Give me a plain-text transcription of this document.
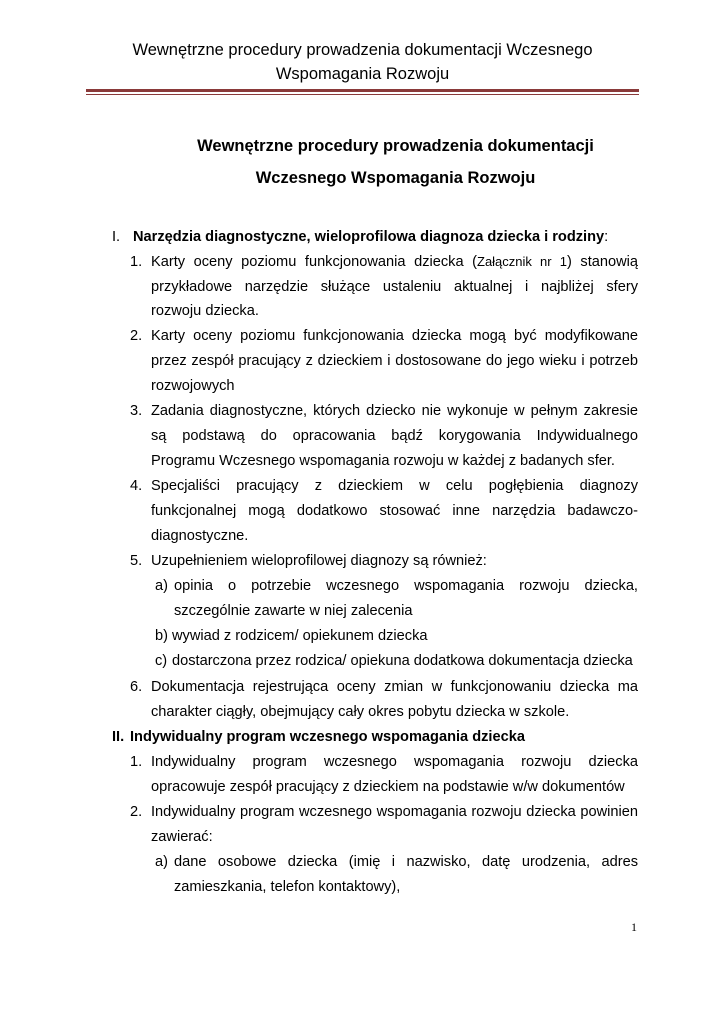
Wewnętrzne procedury prowadzenia dokumentacji Wczesnego
Wspomagania Rozwoju
Wewnętrzne procedury prowadzenia dokumentacji
Wczesnego Wspomagania Rozwoju
I. Narzędzia diagnostyczne, wieloprofilowa diagnoza dziecka i rodziny:
1. Karty oceny poziomu funkcjonowania dziecka (Załącznik nr 1) stanowią
przykładowe narzędzie służące ustaleniu aktualnej i najbliżej sfery
rozwoju dziecka.
2. Karty oceny poziomu funkcjonowania dziecka mogą być modyfikowane
przez zespół pracujący z dzieckiem i dostosowane do jego wieku i potrzeb
rozwojowych
3. Zadania diagnostyczne, których dziecko nie wykonuje w pełnym zakresie
są podstawą do opracowania bądź korygowania Indywidualnego
Programu Wczesnego wspomagania rozwoju w każdej z badanych sfer.
4. Specjaliści pracujący z dzieckiem w celu pogłębienia diagnozy
funkcjonalnej mogą dodatkowo stosować inne narzędzia badawczo-
diagnostyczne.
5. Uzupełnieniem wieloprofilowej diagnozy są również:
a) opinia o potrzebie wczesnego wspomagania rozwoju dziecka,
szczególnie zawarte w niej zalecenia
b) wywiad z rodzicem/ opiekunem dziecka
c) dostarczona przez rodzica/ opiekuna dodatkowa dokumentacja dziecka
6. Dokumentacja rejestrująca oceny zmian w funkcjonowaniu dziecka ma
charakter ciągły, obejmujący cały okres pobytu dziecka w szkole.
II. Indywidualny program wczesnego wspomagania dziecka
1. Indywidualny program wczesnego wspomagania rozwoju dziecka
opracowuje zespół pracujący z dzieckiem na podstawie w/w dokumentów
2. Indywidualny program wczesnego wspomagania rozwoju dziecka powinien
zawierać:
a) dane osobowe dziecka (imię i nazwisko, datę urodzenia, adres
zamieszkania, telefon kontaktowy),
1
